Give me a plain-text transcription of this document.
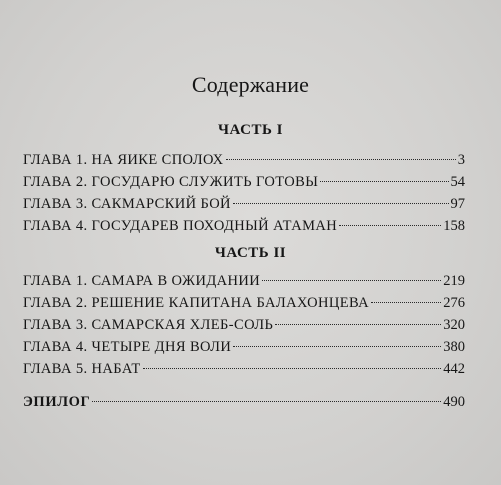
Содержание
ЧАСТЬ I
ГЛАВА 1. НА ЯИКЕ СПОЛОХ	3
ГЛАВА 2. ГОСУДАРЮ СЛУЖИТЬ ГОТОВЫ	54
ГЛАВА 3. САКМАРСКИЙ БОЙ	97
ГЛАВА 4. ГОСУДАРЕВ ПОХОДНЫЙ АТАМАН	158
ЧАСТЬ II
ГЛАВА 1. САМАРА В ОЖИДАНИИ	219
ГЛАВА 2. РЕШЕНИЕ КАПИТАНА БАЛАХОНЦЕВА	276
ГЛАВА 3. САМАРСКАЯ ХЛЕБ-СОЛЬ	320
ГЛАВА 4. ЧЕТЫРЕ ДНЯ ВОЛИ	380
ГЛАВА 5. НАБАТ	442
ЭПИЛОГ	490
